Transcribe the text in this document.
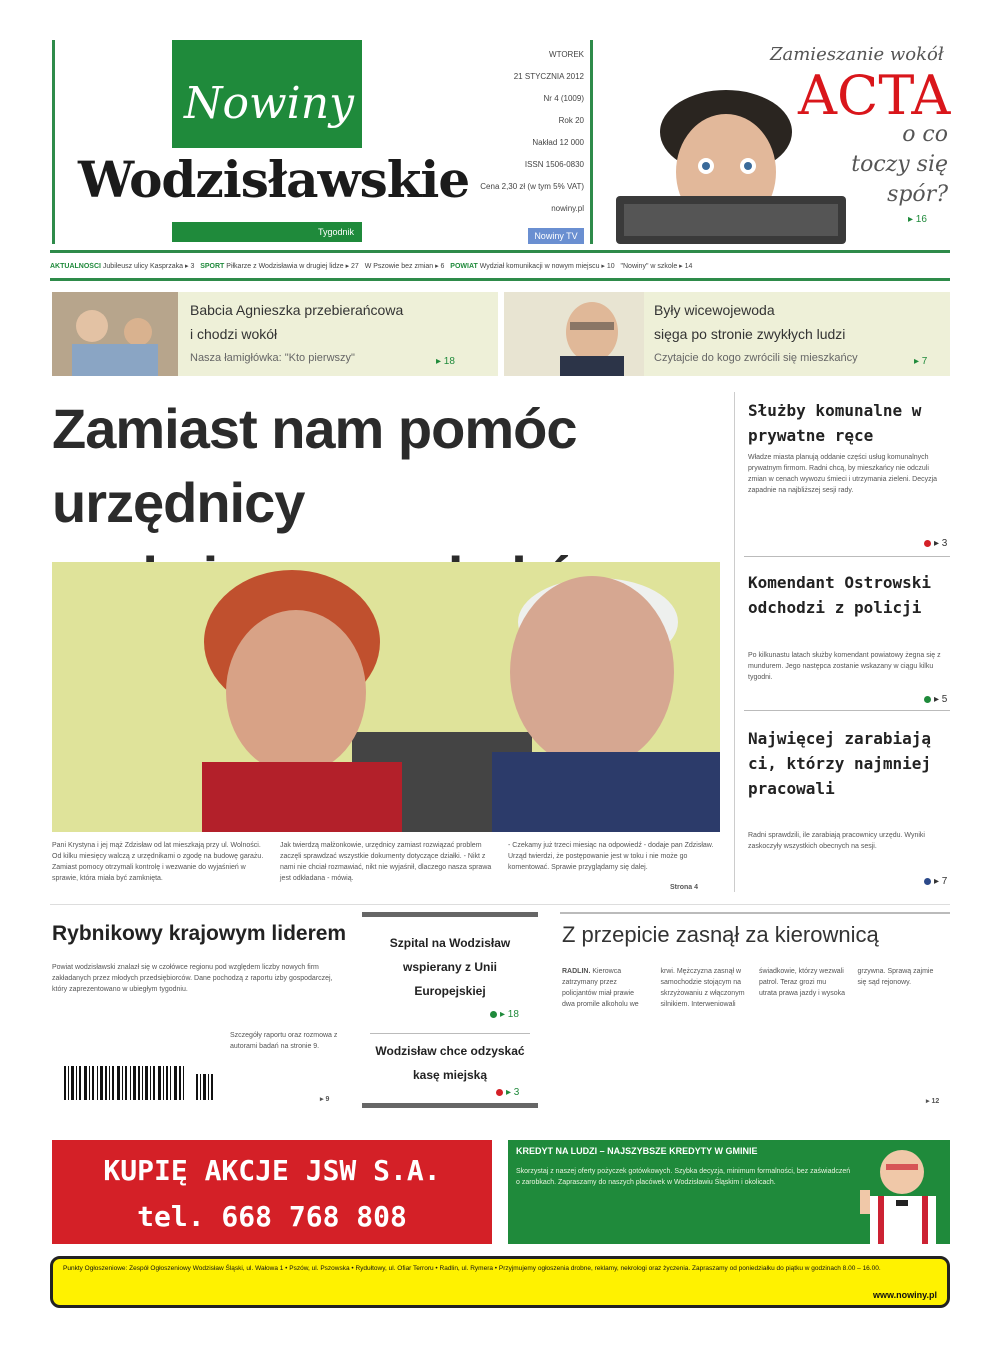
Nowiny
Wodzisławskie
Tygodnik
WTOREK
21 STYCZNIA 2012
Nr 4 (1009)
Rok 20
Nakład 12 000
ISSN 1506-0830
Cena 2,30 zł (w tym 5% VAT)
nowiny.pl
Nowiny TV
Zamieszanie wokół
ACTA
o co
toczy się
spór?
▸ 16
AKTUALNOŚCI Jubileusz ulicy Kasprzaka ▸ 3 SPORT Piłkarze z Wodzisławia w drugiej lidze ▸ 27 W Pszowie bez zmian ▸ 6 POWIAT Wydział komunikacji w nowym miejscu ▸ 10 "Nowiny" w szkole ▸ 14
Babcia Agnieszka przebierańcowa
i chodzi wokół
Nasza łamigłówka: "Kto pierwszy"	▸ 18
Były wicewojewoda
sięga po stronie zwykłych ludzi
Czytajcie do kogo zwrócili się mieszkańcy	▸ 7
Zamiast nam pomóc urzędnicy
Pani Krystyna i jej mąż Zdzisław od lat mieszkają przy ul. Wolności. Od kilku miesięcy walczą z urzędnikami o zgodę na budowę garażu. Zamiast pomocy otrzymali kontrolę i wezwanie do wyjaśnień w sprawie, która miała być zamknięta.
Jak twierdzą małżonkowie, urzędnicy zamiast rozwiązać problem zaczęli sprawdzać wszystkie dokumenty dotyczące działki. - Nikt z nami nie chciał rozmawiać, nikt nie wyjaśnił, dlaczego nasza sprawa jest odkładana - mówią.
- Czekamy już trzeci miesiąc na odpowiedź - dodaje pan Zdzisław. Urząd twierdzi, że postępowanie jest w toku i nie może go komentować. Sprawie przyglądamy się dalej.
Strona 4
Służby komunalne w prywatne ręce
Władze miasta planują oddanie części usług komunalnych prywatnym firmom. Radni chcą, by mieszkańcy nie odczuli zmian w cenach wywozu śmieci i utrzymania zieleni. Decyzja zapadnie na najbliższej sesji rady.
▸ 3
Komendant Ostrowski odchodzi z policji
Po kilkunastu latach służby komendant powiatowy żegna się z mundurem. Jego następca zostanie wskazany w ciągu kilku tygodni.
▸ 5
Najwięcej zarabiają ci, którzy najmniej pracowali
Radni sprawdzili, ile zarabiają pracownicy urzędu. Wyniki zaskoczyły wszystkich obecnych na sesji.
▸ 7
Rybnikowy krajowym liderem
Powiat wodzisławski znalazł się w czołówce regionu pod względem liczby nowych firm zakładanych przez młodych przedsiębiorców. Dane pochodzą z raportu izby gospodarczej, który zaprezentowano w ubiegłym tygodniu.
Szczegóły raportu oraz rozmowa z autorami badań na stronie 9.
▸ 9
Szpital na Wodzisław wspierany z Unii Europejskiej
▸ 18
Wodzisław chce odzyskać kasę miejską
▸ 3
Z przepicie zasnął za kierownicą
RADLIN. Kierowca zatrzymany przez policjantów miał prawie dwa promile alkoholu we krwi. Mężczyzna zasnął w samochodzie stojącym na skrzyżowaniu z włączonym silnikiem. Interweniowali świadkowie, którzy wezwali patrol. Teraz grozi mu utrata prawa jazdy i wysoka grzywna. Sprawą zajmie się sąd rejonowy.
▸ 12
KUPIĘ AKCJE JSW S.A.
tel. 668 768 808
KREDYT NA LUDZI – NAJSZYBSZE KREDYTY W GMINIE
Skorzystaj z naszej oferty pożyczek gotówkowych. Szybka decyzja, minimum formalności, bez zaświadczeń o zarobkach. Zapraszamy do naszych placówek w Wodzisławiu Śląskim i okolicach.
Punkty Ogłoszeniowe: Zespół Ogłoszeniowy Wodzisław Śląski, ul. Wałowa 1 • Pszów, ul. Pszowska • Rydułtowy, ul. Ofiar Terroru • Radlin, ul. Rymera • Przyjmujemy ogłoszenia drobne, reklamy, nekrologi oraz życzenia. Zapraszamy od poniedziałku do piątku w godzinach 8.00 – 16.00.
www.nowiny.pl
